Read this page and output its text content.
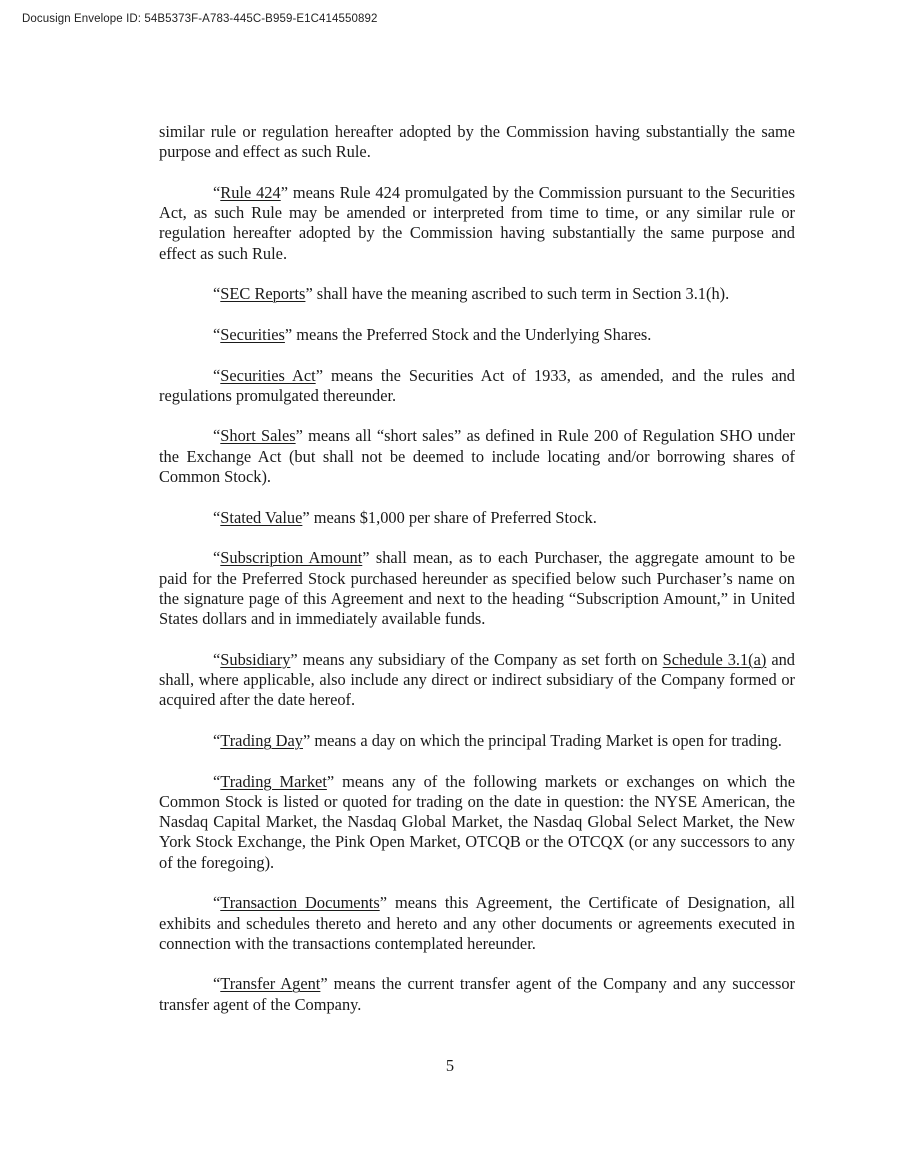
Docusign Envelope ID: 54B5373F-A783-445C-B959-E1C414550892

similar rule or regulation hereafter adopted by the Commission having substantially the same purpose and effect as such Rule.

“Rule 424” means Rule 424 promulgated by the Commission pursuant to the Securities Act, as such Rule may be amended or interpreted from time to time, or any similar rule or regulation hereafter adopted by the Commission having substantially the same purpose and effect as such Rule.

“SEC Reports” shall have the meaning ascribed to such term in Section 3.1(h).

“Securities” means the Preferred Stock and the Underlying Shares.

“Securities Act” means the Securities Act of 1933, as amended, and the rules and regulations promulgated thereunder.

“Short Sales” means all “short sales” as defined in Rule 200 of Regulation SHO under the Exchange Act (but shall not be deemed to include locating and/or borrowing shares of Common Stock).

“Stated Value” means $1,000 per share of Preferred Stock.

“Subscription Amount” shall mean, as to each Purchaser, the aggregate amount to be paid for the Preferred Stock purchased hereunder as specified below such Purchaser’s name on the signature page of this Agreement and next to the heading “Subscription Amount,” in United States dollars and in immediately available funds.

“Subsidiary” means any subsidiary of the Company as set forth on Schedule 3.1(a) and shall, where applicable, also include any direct or indirect subsidiary of the Company formed or acquired after the date hereof.

“Trading Day” means a day on which the principal Trading Market is open for trading.

“Trading Market” means any of the following markets or exchanges on which the Common Stock is listed or quoted for trading on the date in question: the NYSE American, the Nasdaq Capital Market, the Nasdaq Global Market, the Nasdaq Global Select Market, the New York Stock Exchange, the Pink Open Market, OTCQB or the OTCQX (or any successors to any of the foregoing).

“Transaction Documents” means this Agreement, the Certificate of Designation, all exhibits and schedules thereto and hereto and any other documents or agreements executed in connection with the transactions contemplated hereunder.

“Transfer Agent” means the current transfer agent of the Company and any successor transfer agent of the Company.

5
